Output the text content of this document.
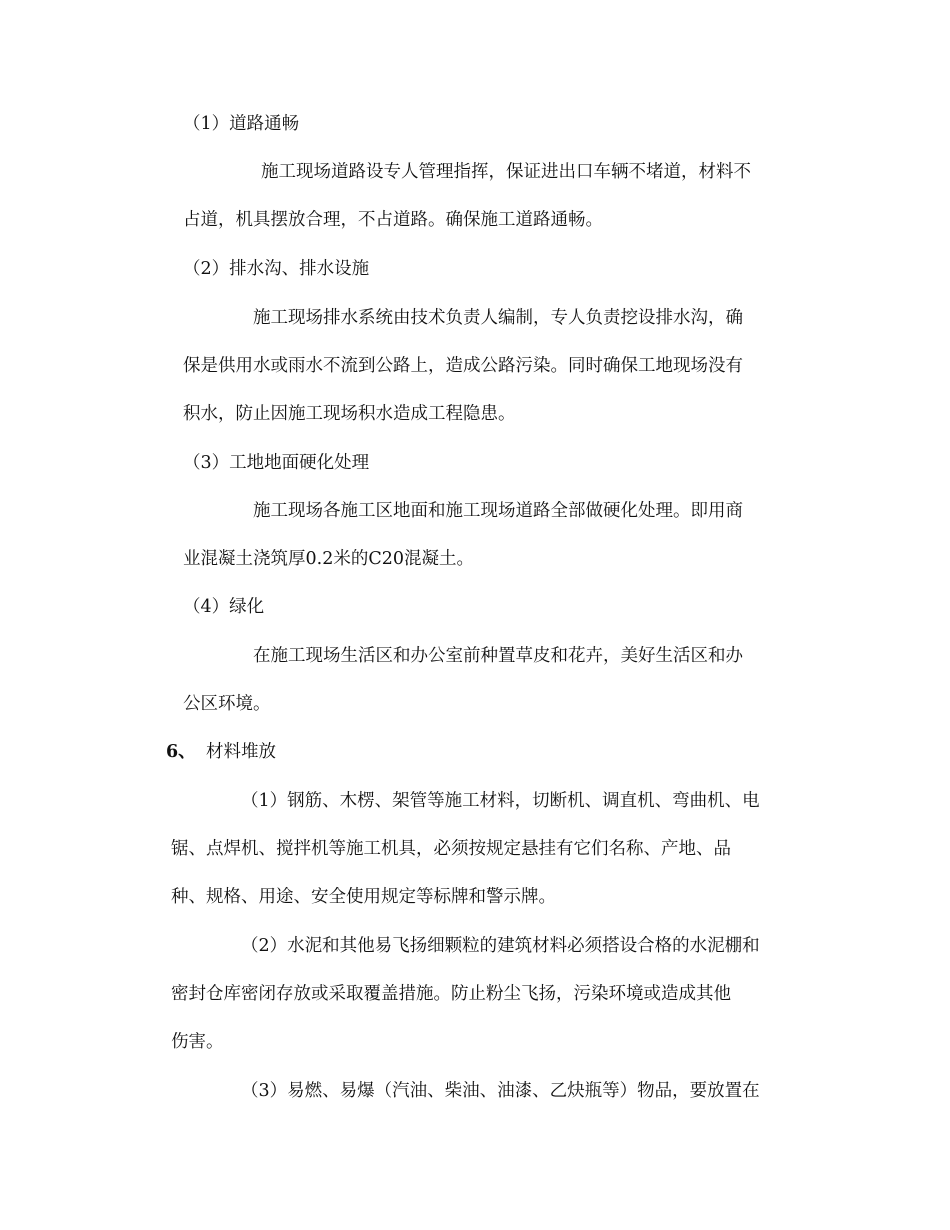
（1）道路通畅
施工现场道路设专人管理指挥，保证进出口车辆不堵道，材料不
占道，机具摆放合理，不占道路。确保施工道路通畅。
（2）排水沟、排水设施
施工现场排水系统由技术负责人编制，专人负责挖设排水沟，确
保是供用水或雨水不流到公路上，造成公路污染。同时确保工地现场没有
积水，防止因施工现场积水造成工程隐患。
（3）工地地面硬化处理
施工现场各施工区地面和施工现场道路全部做硬化处理。即用商
业混凝土浇筑厚0.2米的C20混凝土。
（4）绿化
在施工现场生活区和办公室前种置草皮和花卉，美好生活区和办
公区环境。
6、 材料堆放
（1）钢筋、木楞、架管等施工材料，切断机、调直机、弯曲机、电
锯、点焊机、搅拌机等施工机具，必须按规定悬挂有它们名称、产地、品
种、规格、用途、安全使用规定等标牌和警示牌。
（2）水泥和其他易飞扬细颗粒的建筑材料必须搭设合格的水泥棚和
密封仓库密闭存放或采取覆盖措施。防止粉尘飞扬，污染环境或造成其他
伤害。
（3）易燃、易爆（汽油、柴油、油漆、乙炔瓶等）物品，要放置在
